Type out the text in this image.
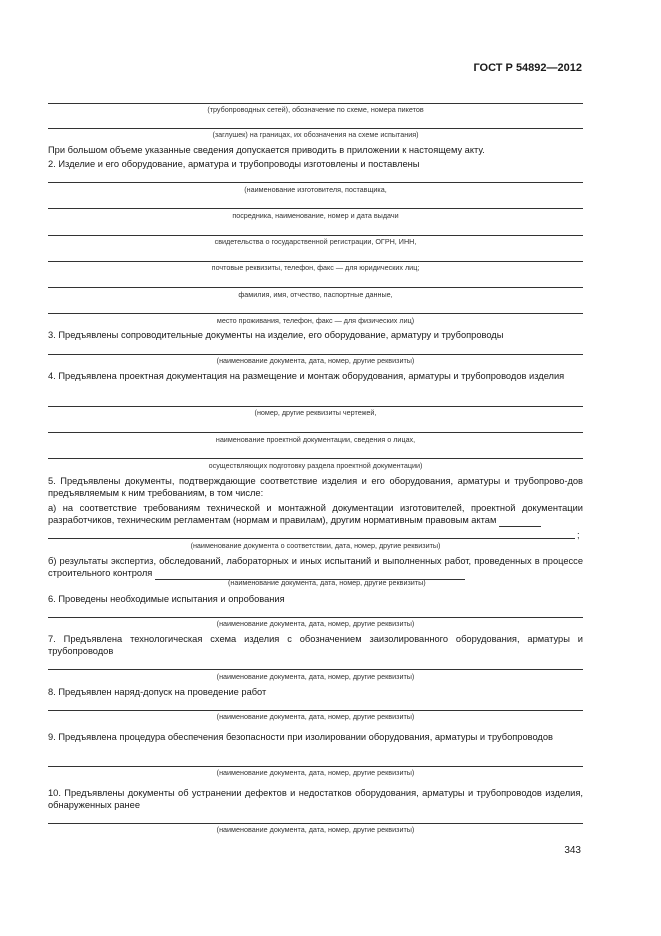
ГОСТ Р 54892—2012
(трубопроводных сетей), обозначение по схеме, номера пикетов
(заглушек) на границах, их обозначения на схеме испытания)
При большом объеме указанные сведения допускается приводить в приложении к настоящему акту.
2. Изделие и его оборудование, арматура и трубопроводы изготовлены и поставлены
(наименование изготовителя, поставщика,
посредника, наименование, номер и дата выдачи
свидетельства о государственной регистрации, ОГРН, ИНН,
почтовые реквизиты, телефон, факс — для юридических лиц;
фамилия, имя, отчество, паспортные данные,
место проживания, телефон, факс — для физических лиц)
3. Предъявлены сопроводительные документы на изделие, его оборудование, арматуру и трубопроводы
(наименование документа, дата, номер, другие реквизиты)
4. Предъявлена проектная документация на размещение и монтаж оборудования, арматуры и трубопроводов изделия
(номер, другие реквизиты чертежей,
наименование проектной документации, сведения о лицах,
осуществляющих подготовку раздела проектной документации)
5. Предъявлены документы, подтверждающие соответствие изделия и его оборудования, арматуры и трубопрово-дов предъявляемым к ним требованиям, в том числе:
а) на соответствие требованиям технической и монтажной документации изготовителей, проектной документации разработчиков, техническим регламентам (нормам и правилам), другим нормативным правовым актам
;
(наименование документа о соответствии, дата, номер, другие реквизиты)
б) результаты экспертиз, обследований, лабораторных и иных испытаний и выполненных работ, проведенных в процессе строительного контроля
(наименование документа, дата, номер, другие реквизиты)
6. Проведены необходимые испытания и опробования
(наименование документа, дата, номер, другие реквизиты)
7. Предъявлена технологическая схема изделия с обозначением заизолированного оборудования, арматуры и трубопроводов
(наименование документа, дата, номер, другие реквизиты)
8. Предъявлен наряд-допуск на проведение работ
(наименование документа, дата, номер, другие реквизиты)
9. Предъявлена процедура обеспечения безопасности при изолировании оборудования, арматуры и трубопроводов
(наименование документа, дата, номер, другие реквизиты)
10. Предъявлены документы об устранении дефектов и недостатков оборудования, арматуры и трубопроводов изделия, обнаруженных ранее
(наименование документа, дата, номер, другие реквизиты)
343
